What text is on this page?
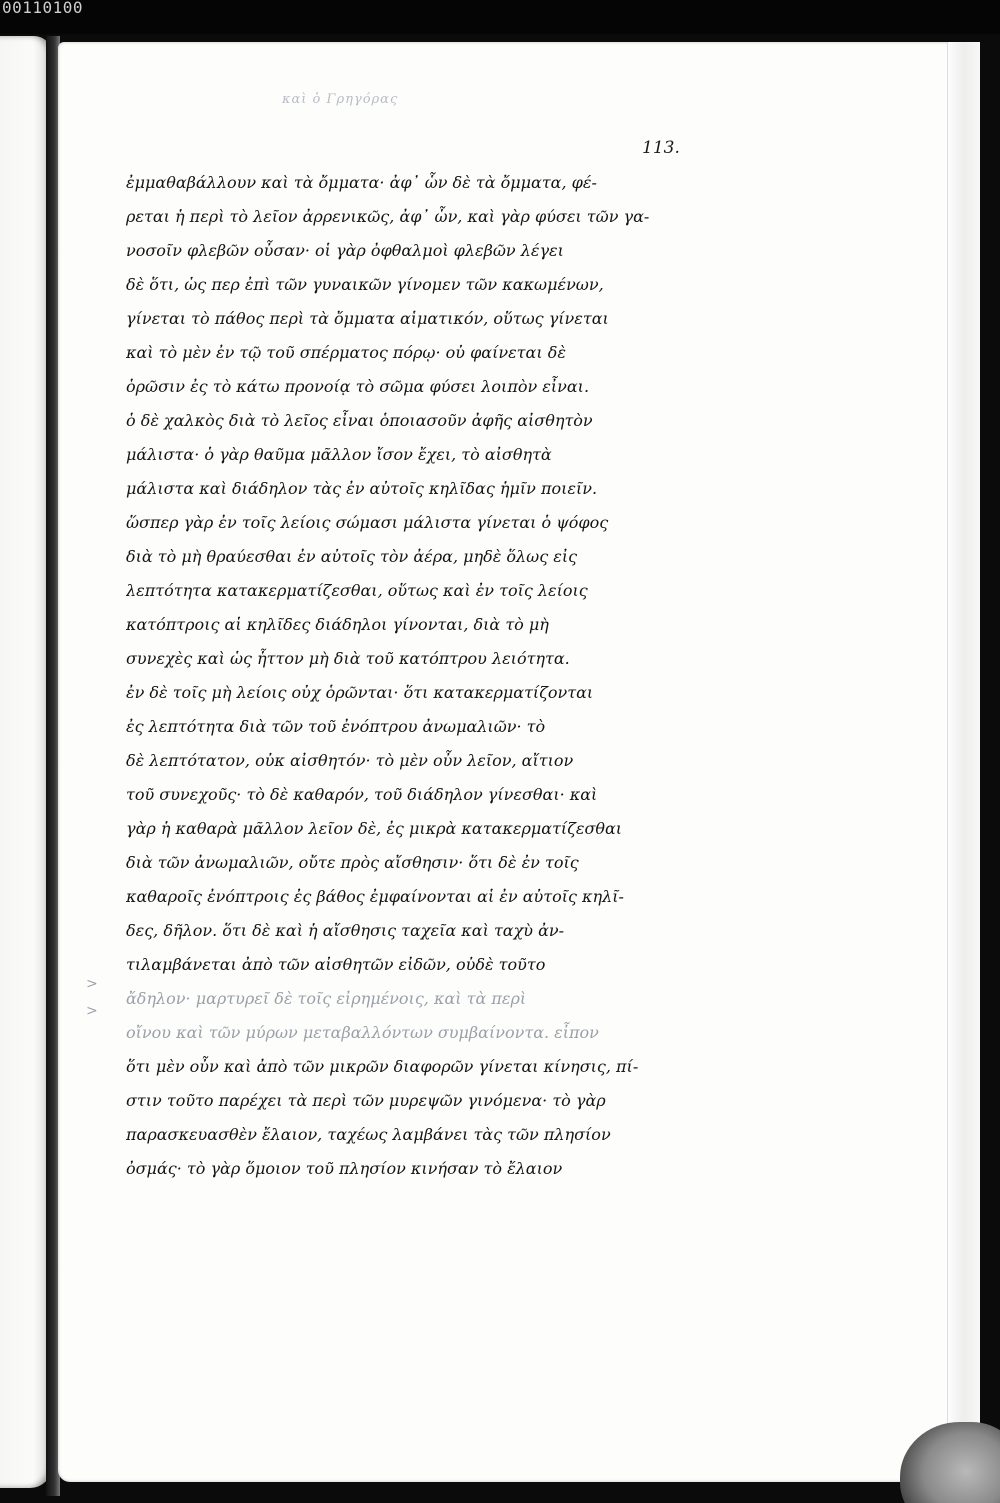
00110100
καὶ ὁ Γρηγόρας
113.
>
>
ἐμμαθαβάλλουν καὶ τὰ ὄμματα· ἀφ᾽ ὧν δὲ τὰ ὄμματα, φέ-
ρεται ἡ περὶ τὸ λεῖον ἀρρενικῶς, ἀφ᾽ ὧν, καὶ γὰρ φύσει τῶν γα-
νοσοῖν φλεβῶν οὖσαν· οἱ γὰρ ὀφθαλμοὶ φλεβῶν λέγει
δὲ ὅτι, ὡς περ ἐπὶ τῶν γυναικῶν γίνομεν τῶν κακωμένων,
γίνεται τὸ πάθος περὶ τὰ ὄμματα αἱματικόν, οὕτως γίνεται
καὶ τὸ μὲν ἐν τῷ τοῦ σπέρματος πόρῳ· οὐ φαίνεται δὲ
ὁρῶσιν ἐς τὸ κάτω προνοίᾳ τὸ σῶμα φύσει λοιπὸν εἶναι.
ὁ δὲ χαλκὸς διὰ τὸ λεῖος εἶναι ὁποιασοῦν ἀφῆς αἰσθητὸν
μάλιστα· ὁ γὰρ θαῦμα μᾶλλον ἴσον ἔχει, τὸ αἰσθητὰ
μάλιστα καὶ διάδηλον τὰς ἐν αὐτοῖς κηλῖδας ἡμῖν ποιεῖν.
ὥσπερ γὰρ ἐν τοῖς λείοις σώμασι μάλιστα γίνεται ὁ ψόφος
διὰ τὸ μὴ θραύεσθαι ἐν αὐτοῖς τὸν ἀέρα, μηδὲ ὅλως εἰς
λεπτότητα κατακερματίζεσθαι, οὕτως καὶ ἐν τοῖς λείοις
κατόπτροις αἱ κηλῖδες διάδηλοι γίνονται, διὰ τὸ μὴ
συνεχὲς καὶ ὡς ἧττον μὴ διὰ τοῦ κατόπτρου λειότητα.
ἐν δὲ τοῖς μὴ λείοις οὐχ ὁρῶνται· ὅτι κατακερματίζονται
ἐς λεπτότητα διὰ τῶν τοῦ ἐνόπτρου ἀνωμαλιῶν· τὸ
δὲ λεπτότατον, οὐκ αἰσθητόν· τὸ μὲν οὖν λεῖον, αἴτιον
τοῦ συνεχοῦς· τὸ δὲ καθαρόν, τοῦ διάδηλον γίνεσθαι· καὶ
γὰρ ἡ καθαρὰ μᾶλλον λεῖον δὲ, ἐς μικρὰ κατακερματίζεσθαι
διὰ τῶν ἀνωμαλιῶν, οὔτε πρὸς αἴσθησιν· ὅτι δὲ ἐν τοῖς
καθαροῖς ἐνόπτροις ἐς βάθος ἐμφαίνονται αἱ ἐν αὐτοῖς κηλῖ-
δες, δῆλον. ὅτι δὲ καὶ ἡ αἴσθησις ταχεῖα καὶ ταχὺ ἀν-
τιλαμβάνεται ἀπὸ τῶν αἰσθητῶν εἰδῶν, οὐδὲ τοῦτο
ἄδηλον· μαρτυρεῖ δὲ τοῖς εἰρημένοις, καὶ τὰ περὶ
οἴνου καὶ τῶν μύρων μεταβαλλόντων συμβαίνοντα. εἶπον
ὅτι μὲν οὖν καὶ ἀπὸ τῶν μικρῶν διαφορῶν γίνεται κίνησις, πί-
στιν τοῦτο παρέχει τὰ περὶ τῶν μυρεψῶν γινόμενα· τὸ γὰρ
παρασκευασθὲν ἔλαιον, ταχέως λαμβάνει τὰς τῶν πλησίον
ὀσμάς· τὸ γὰρ ὅμοιον τοῦ πλησίον κινήσαν τὸ ἔλαιον
